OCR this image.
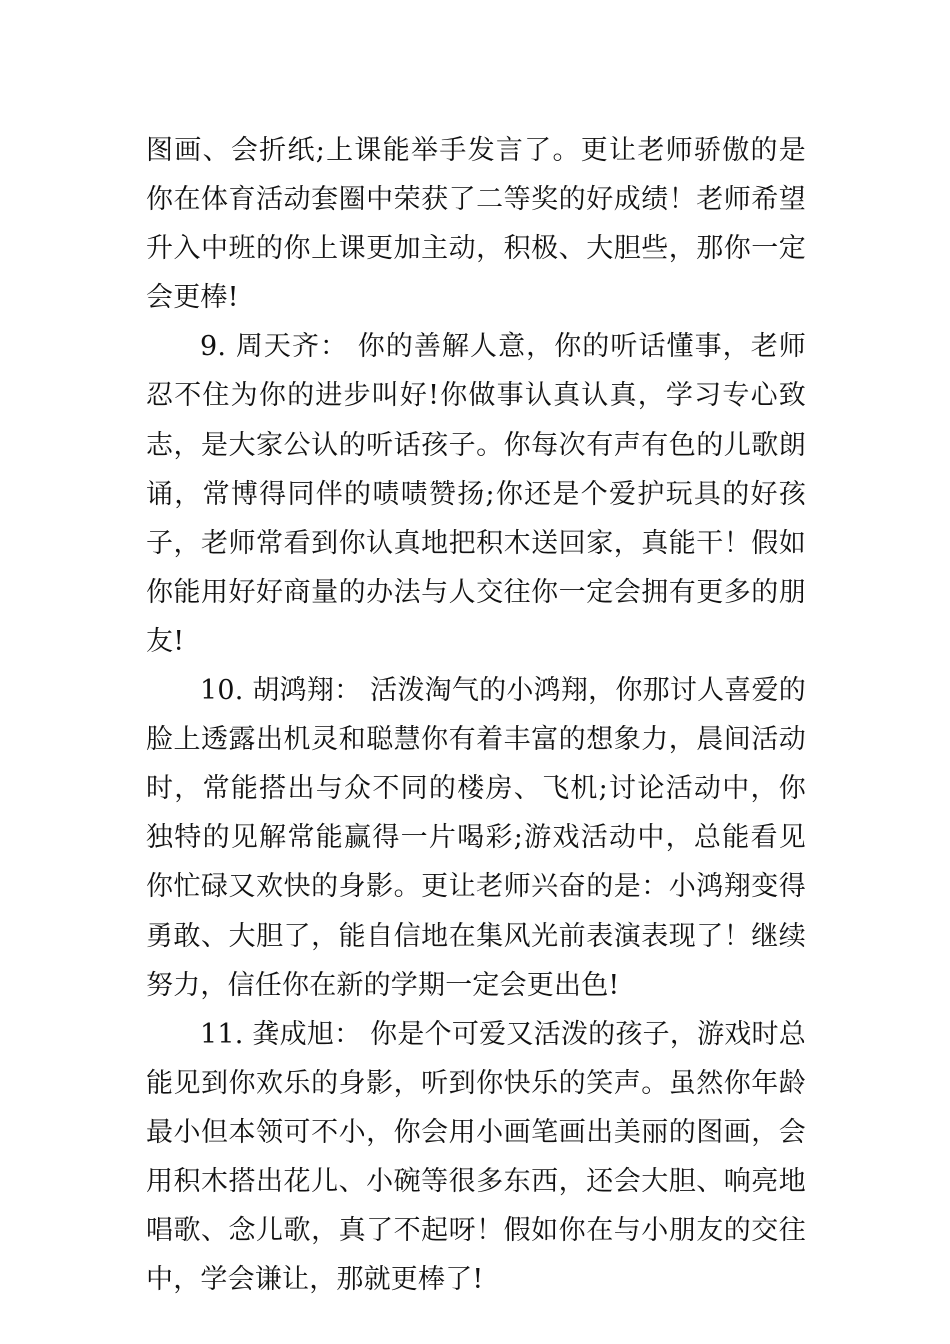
图画、会折纸;上课能举手发言了。更让老师骄傲的是你在体育活动套圈中荣获了二等奖的好成绩！老师希望升入中班的你上课更加主动，积极、大胆些，那你一定会更棒!

9. 周天齐： 你的善解人意，你的听话懂事，老师忍不住为你的进步叫好!你做事认真认真，学习专心致志，是大家公认的听话孩子。你每次有声有色的儿歌朗诵，常博得同伴的啧啧赞扬;你还是个爱护玩具的好孩子，老师常看到你认真地把积木送回家，真能干！假如你能用好好商量的办法与人交往你一定会拥有更多的朋友!

10. 胡鸿翔： 活泼淘气的小鸿翔，你那讨人喜爱的脸上透露出机灵和聪慧你有着丰富的想象力，晨间活动时，常能搭出与众不同的楼房、飞机;讨论活动中，你独特的见解常能赢得一片喝彩;游戏活动中，总能看见你忙碌又欢快的身影。更让老师兴奋的是：小鸿翔变得勇敢、大胆了，能自信地在集风光前表演表现了！继续努力，信任你在新的学期一定会更出色!

11. 龚成旭： 你是个可爱又活泼的孩子，游戏时总能见到你欢乐的身影，听到你快乐的笑声。虽然你年龄最小但本领可不小，你会用小画笔画出美丽的图画，会用积木搭出花儿、小碗等很多东西，还会大胆、响亮地唱歌、念儿歌，真了不起呀！假如你在与小朋友的交往中，学会谦让，那就更棒了!
